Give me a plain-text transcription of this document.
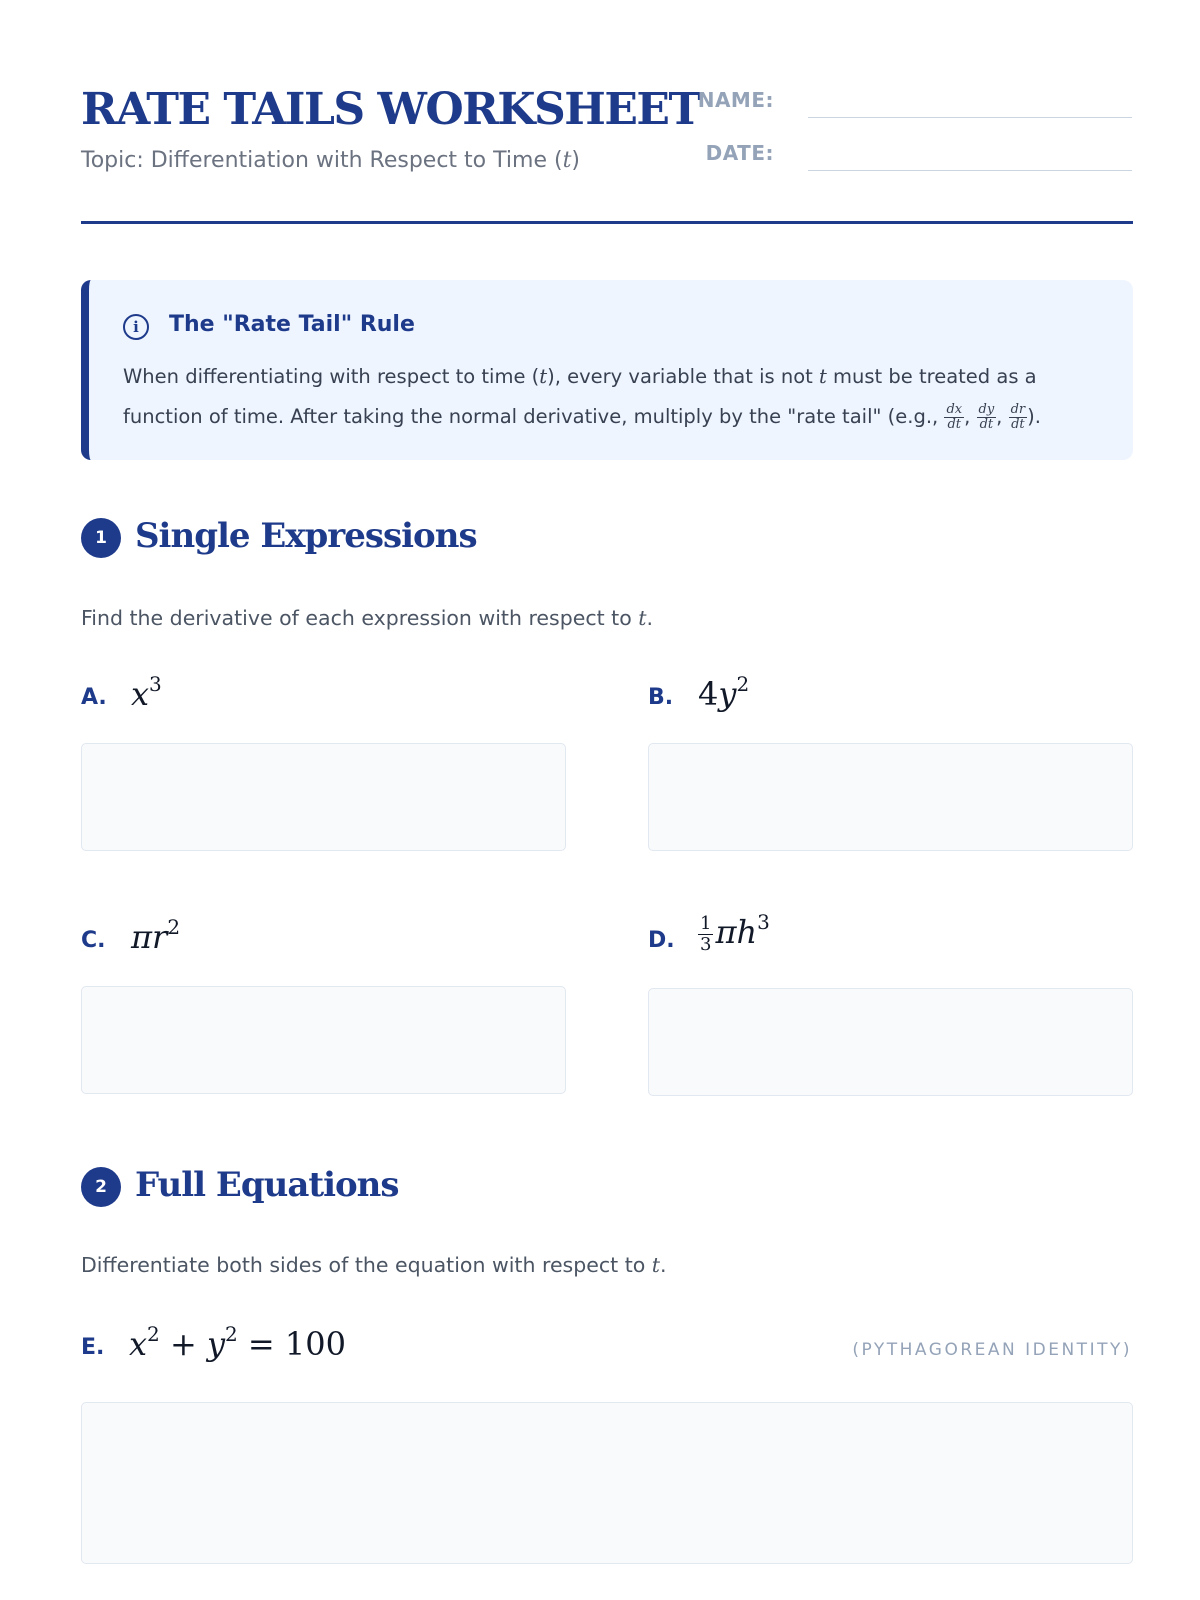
RATE TAILS WORKSHEET
Topic: Differentiation with Respect to Time (t)
NAME:
DATE:
i	The "Rate Tail" Rule
When differentiating with respect to time (t), every variable that is not t must be treated as a
function of time. After taking the normal derivative, multiply by the "rate tail" (e.g., $\frac{dx}{dt}$ , $\frac{dy}{dt}$ , $\frac{dr}{dt}$ ).
1 Single Expressions
Find the derivative of each expression with respect to t.
A. $x^3$
B. $4y^2$
C. $\pi r^2$
D. $\frac{1}{3} \pi h^3$
2 Full Equations
Differentiate both sides of the equation with respect to t.
E. $x^2 + y^2 = 100$	(PYTHAGOREAN IDENTITY)
